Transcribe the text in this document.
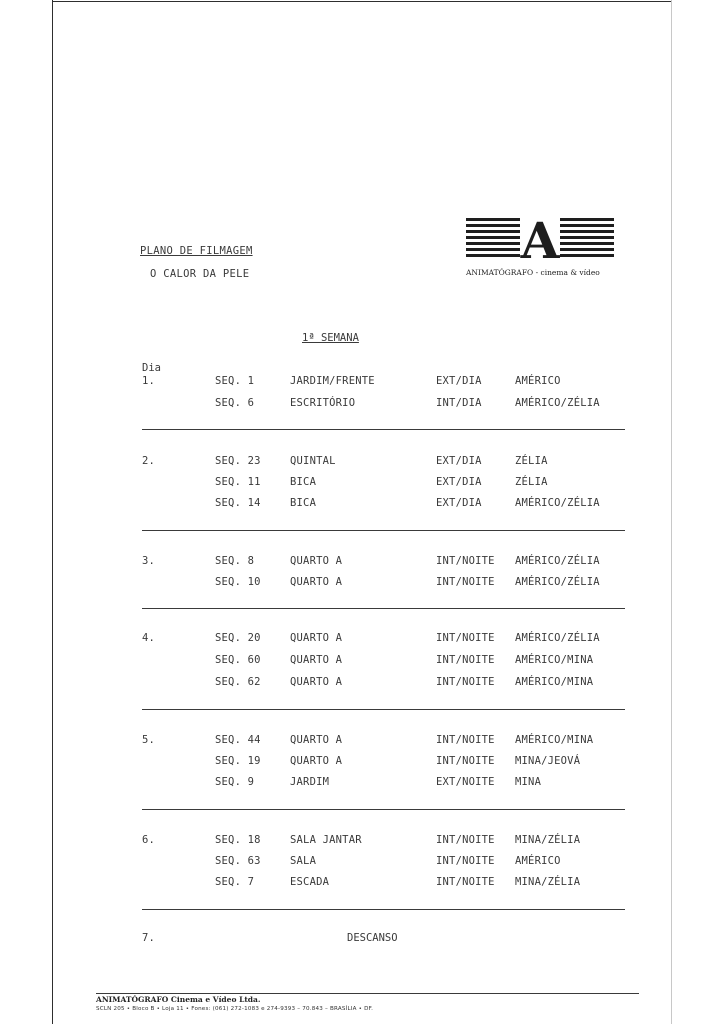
PLANO DE FILMAGEM
O CALOR DA PELE
A
ANIMATÓGRAFO - cinema & vídeo
1ª SEMANA
Dia
1.	SEQ. 1	JARDIM/FRENTE	EXT/DIA	AMÉRICO
SEQ. 6	ESCRITÓRIO	INT/DIA	AMÉRICO/ZÉLIA
2.	SEQ. 23	QUINTAL	EXT/DIA	ZÉLIA
SEQ. 11	BICA	EXT/DIA	ZÉLIA
SEQ. 14	BICA	EXT/DIA	AMÉRICO/ZÉLIA
3.	SEQ. 8	QUARTO A	INT/NOITE AMÉRICO/ZÉLIA
SEQ. 10	QUARTO A	INT/NOITE AMÉRICO/ZÉLIA
4.	SEQ. 20	QUARTO A	INT/NOITE AMÉRICO/ZÉLIA
SEQ. 60	QUARTO A	INT/NOITE AMÉRICO/MINA
SEQ. 62	QUARTO A	INT/NOITE AMÉRICO/MINA
5.	SEQ. 44	QUARTO A	INT/NOITE AMÉRICO/MINA
SEQ. 19	QUARTO A	INT/NOITE MINA/JEOVÁ
SEQ. 9	JARDIM	EXT/NOITE MINA
6.	SEQ. 18	SALA JANTAR	INT/NOITE MINA/ZÉLIA
SEQ. 63	SALA	INT/NOITE AMÉRICO
SEQ. 7	ESCADA	INT/NOITE MINA/ZÉLIA
7.	DESCANSO
ANIMATÓGRAFO Cinema e Vídeo Ltda.
SCLN 205 • Bloco B • Loja 11 • Fones: (061) 272-1083 e 274-9393 – 70.843 – BRASÍLIA • DF.
